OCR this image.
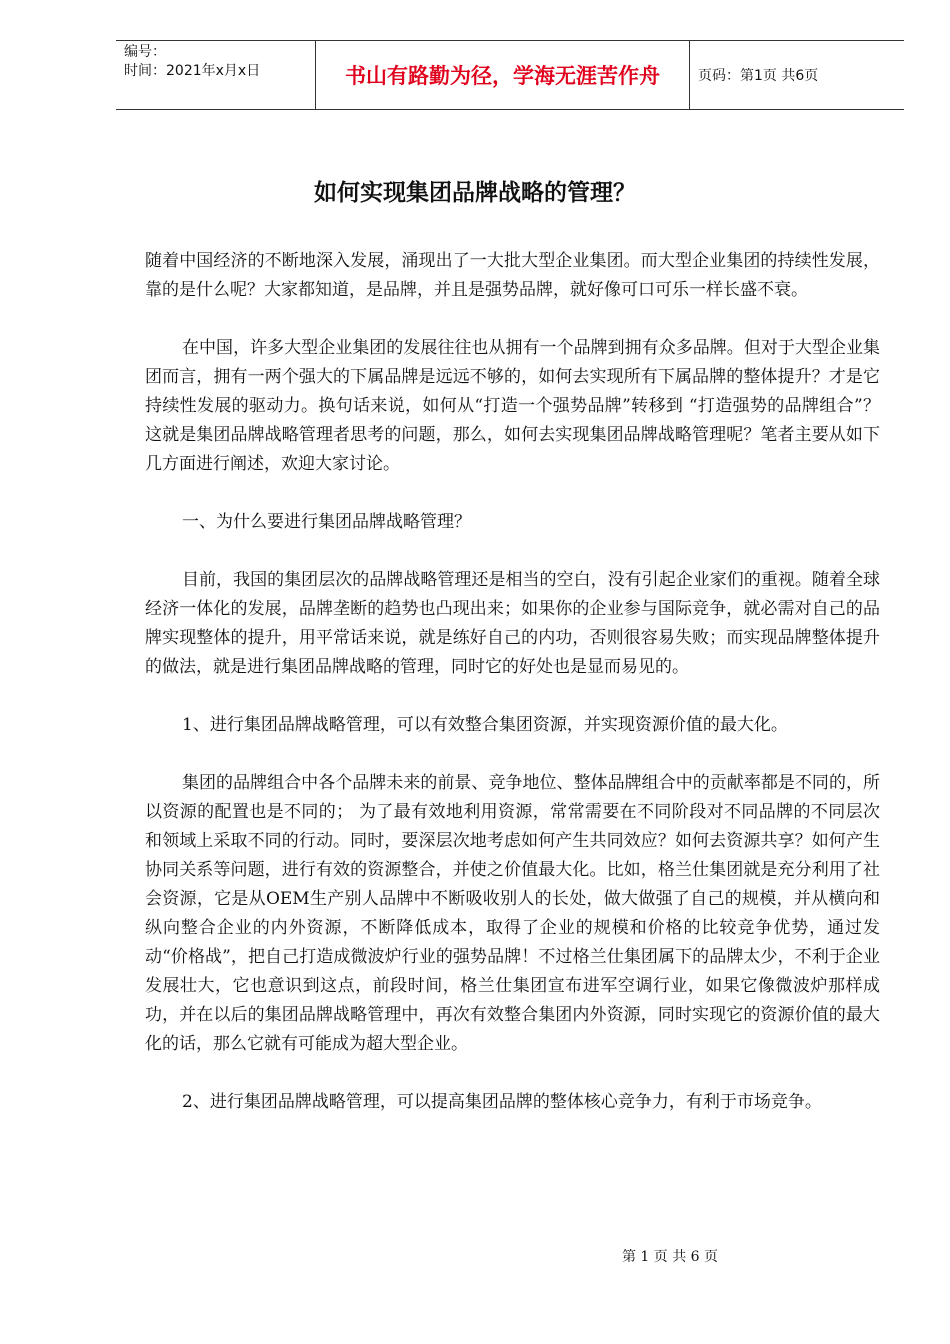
编号：
时间：2021年x月x日	书山有路勤为径，学海无涯苦作舟	页码：第1页 共6页
如何实现集团品牌战略的管理？

随着中国经济的不断地深入发展，涌现出了一大批大型企业集团。而大型企业集团的持续性发展，靠的是什么呢？大家都知道，是品牌，并且是强势品牌，就好像可口可乐一样长盛不衰。

在中国，许多大型企业集团的发展往往也从拥有一个品牌到拥有众多品牌。但对于大型企业集团而言，拥有一两个强大的下属品牌是远远不够的，如何去实现所有下属品牌的整体提升？才是它持续性发展的驱动力。换句话来说，如何从“打造一个强势品牌”转移到 “打造强势的品牌组合”？这就是集团品牌战略管理者思考的问题，那么，如何去实现集团品牌战略管理呢？笔者主要从如下几方面进行阐述，欢迎大家讨论。

一、为什么要进行集团品牌战略管理？

目前，我国的集团层次的品牌战略管理还是相当的空白，没有引起企业家们的重视。随着全球经济一体化的发展，品牌垄断的趋势也凸现出来；如果你的企业参与国际竞争，就必需对自己的品牌实现整体的提升，用平常话来说，就是练好自己的内功，否则很容易失败；而实现品牌整体提升的做法，就是进行集团品牌战略的管理，同时它的好处也是显而易见的。

1、进行集团品牌战略管理，可以有效整合集团资源，并实现资源价值的最大化。

集团的品牌组合中各个品牌未来的前景、竞争地位、整体品牌组合中的贡献率都是不同的，所以资源的配置也是不同的； 为了最有效地利用资源，常常需要在不同阶段对不同品牌的不同层次和领域上采取不同的行动。同时，要深层次地考虑如何产生共同效应？如何去资源共享？如何产生协同关系等问题，进行有效的资源整合，并使之价值最大化。比如，格兰仕集团就是充分利用了社会资源，它是从OEM生产别人品牌中不断吸收别人的长处，做大做强了自己的规模，并从横向和纵向整合企业的内外资源，不断降低成本，取得了企业的规模和价格的比较竞争优势，通过发动“价格战”，把自己打造成微波炉行业的强势品牌！不过格兰仕集团属下的品牌太少，不利于企业发展壮大，它也意识到这点，前段时间，格兰仕集团宣布进军空调行业，如果它像微波炉那样成功，并在以后的集团品牌战略管理中，再次有效整合集团内外资源，同时实现它的资源价值的最大化的话，那么它就有可能成为超大型企业。

2、进行集团品牌战略管理，可以提高集团品牌的整体核心竞争力，有利于市场竞争。

第 1 页 共 6 页
